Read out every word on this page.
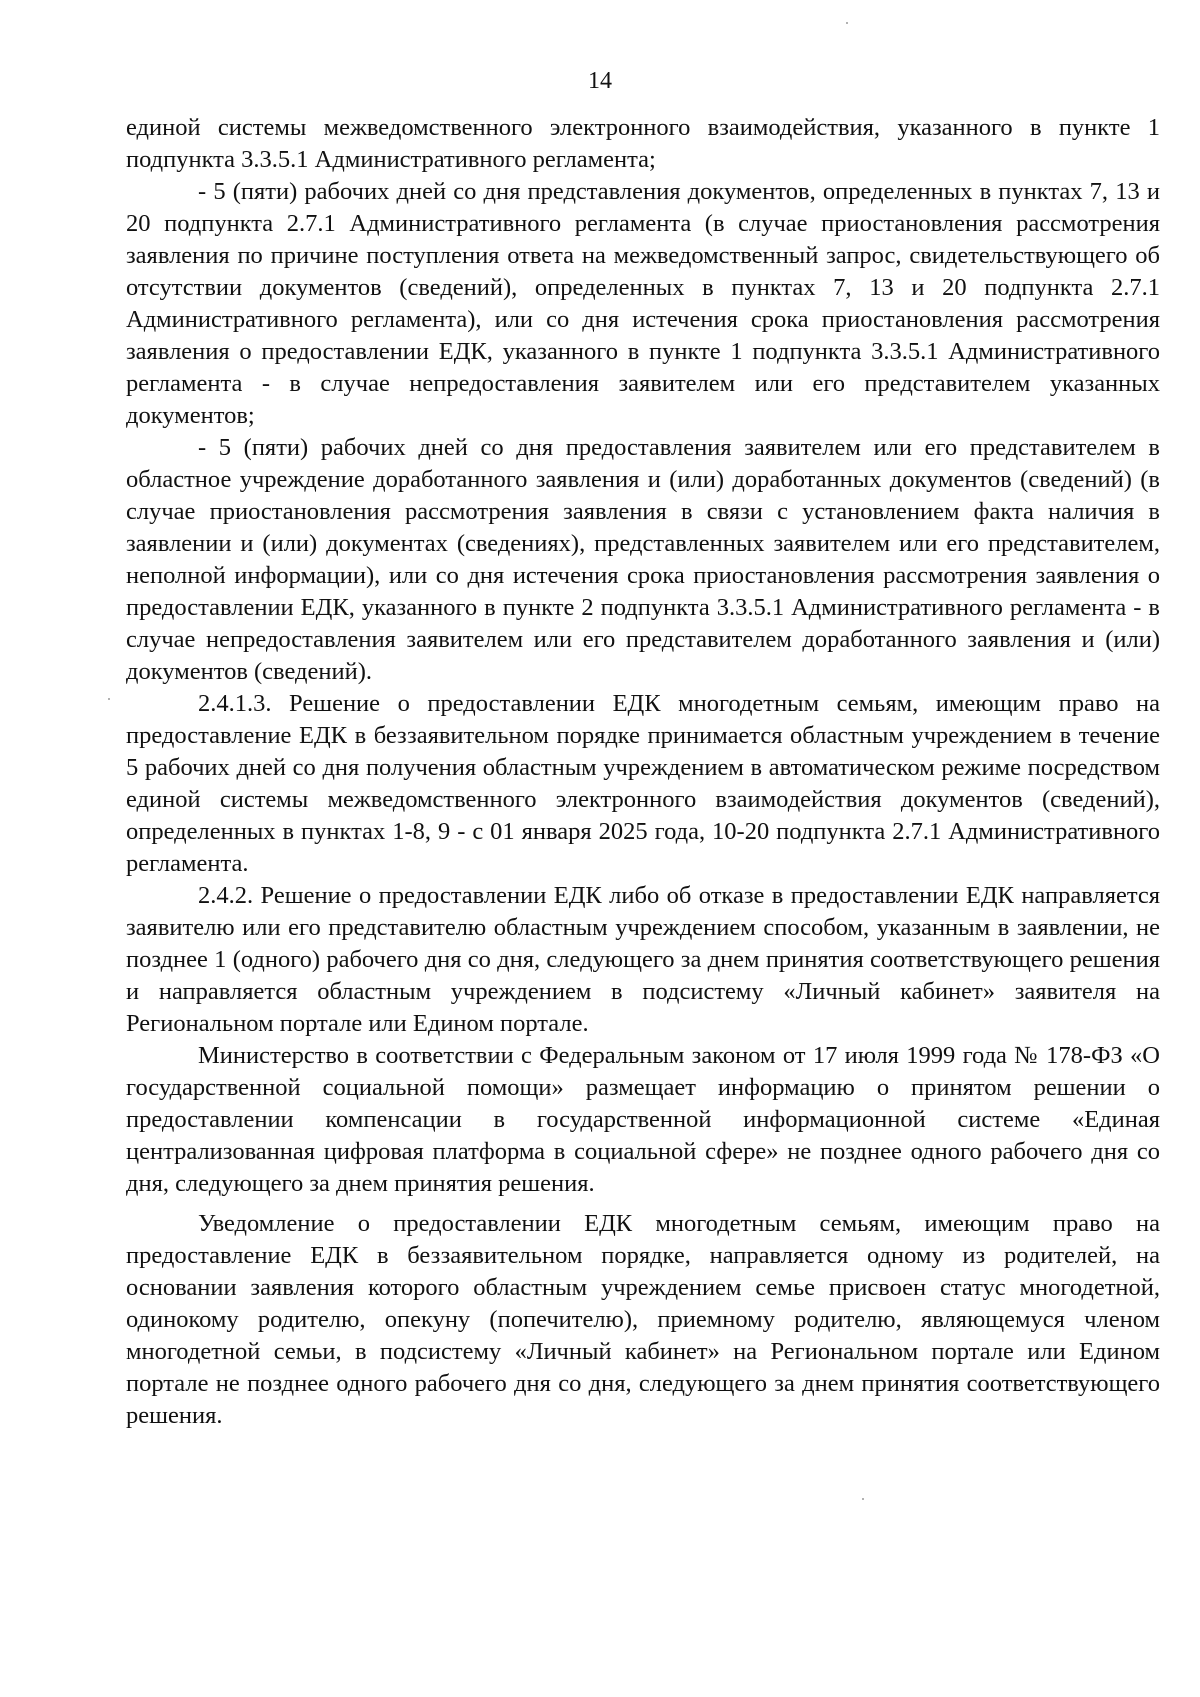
14

единой системы межведомственного электронного взаимодействия, указанного в пункте 1 подпункта 3.3.5.1 Административного регламента;

- 5 (пяти) рабочих дней со дня представления документов, определенных в пунктах 7, 13 и 20 подпункта 2.7.1 Административного регламента (в случае приостановления рассмотрения заявления по причине поступления ответа на межведомственный запрос, свидетельствующего об отсутствии документов (сведений), определенных в пунктах 7, 13 и 20 подпункта 2.7.1 Административного регламента), или со дня истечения срока приостановления рассмотрения заявления о предоставлении ЕДК, указанного в пункте 1 подпункта 3.3.5.1 Административного регламента - в случае непредоставления заявителем или его представителем указанных документов;

- 5 (пяти) рабочих дней со дня предоставления заявителем или его представителем в областное учреждение доработанного заявления и (или) доработанных документов (сведений) (в случае приостановления рассмотрения заявления в связи с установлением факта наличия в заявлении и (или) документах (сведениях), представленных заявителем или его представителем, неполной информации), или со дня истечения срока приостановления рассмотрения заявления о предоставлении ЕДК, указанного в пункте 2 подпункта 3.3.5.1 Административного регламента - в случае непредоставления заявителем или его представителем доработанного заявления и (или) документов (сведений).

2.4.1.3. Решение о предоставлении ЕДК многодетным семьям, имеющим право на предоставление ЕДК в беззаявительном порядке принимается областным учреждением в течение 5 рабочих дней со дня получения областным учреждением в автоматическом режиме посредством единой системы межведомственного электронного взаимодействия документов (сведений), определенных в пунктах 1-8, 9 - с 01 января 2025 года, 10-20 подпункта 2.7.1 Административного регламента.

2.4.2. Решение о предоставлении ЕДК либо об отказе в предоставлении ЕДК направляется заявителю или его представителю областным учреждением способом, указанным в заявлении, не позднее 1 (одного) рабочего дня со дня, следующего за днем принятия соответствующего решения и направляется областным учреждением в подсистему «Личный кабинет» заявителя на Региональном портале или Едином портале.

Министерство в соответствии с Федеральным законом от 17 июля 1999 года № 178-ФЗ «О государственной социальной помощи» размещает информацию о принятом решении о предоставлении компенсации в государственной информационной системе «Единая централизованная цифровая платформа в социальной сфере» не позднее одного рабочего дня со дня, следующего за днем принятия решения.

Уведомление о предоставлении ЕДК многодетным семьям, имеющим право на предоставление ЕДК в беззаявительном порядке, направляется одному из родителей, на основании заявления которого областным учреждением семье присвоен статус многодетной, одинокому родителю, опекуну (попечителю), приемному родителю, являющемуся членом многодетной семьи, в подсистему «Личный кабинет» на Региональном портале или Едином портале не позднее одного рабочего дня со дня, следующего за днем принятия соответствующего решения.
